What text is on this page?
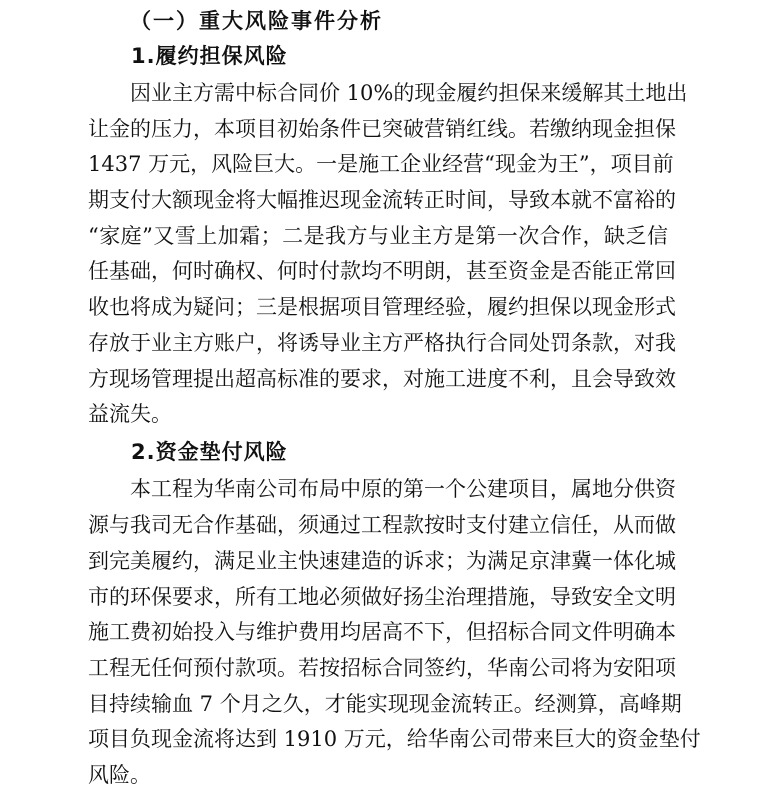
（一）重大风险事件分析
1.履约担保风险
因业主方需中标合同价 10%的现金履约担保来缓解其土地出
让金的压力，本项目初始条件已突破营销红线。若缴纳现金担保
1437 万元，风险巨大。一是施工企业经营“现金为王”，项目前
期支付大额现金将大幅推迟现金流转正时间，导致本就不富裕的
“家庭”又雪上加霜；二是我方与业主方是第一次合作，缺乏信
任基础，何时确权、何时付款均不明朗，甚至资金是否能正常回
收也将成为疑问；三是根据项目管理经验，履约担保以现金形式
存放于业主方账户，将诱导业主方严格执行合同处罚条款，对我
方现场管理提出超高标准的要求，对施工进度不利，且会导致效
益流失。
2.资金垫付风险
本工程为华南公司布局中原的第一个公建项目，属地分供资
源与我司无合作基础，须通过工程款按时支付建立信任，从而做
到完美履约，满足业主快速建造的诉求；为满足京津冀一体化城
市的环保要求，所有工地必须做好扬尘治理措施，导致安全文明
施工费初始投入与维护费用均居高不下，但招标合同文件明确本
工程无任何预付款项。若按招标合同签约，华南公司将为安阳项
目持续输血 7 个月之久，才能实现现金流转正。经测算，高峰期
项目负现金流将达到 1910 万元，给华南公司带来巨大的资金垫付
风险。
